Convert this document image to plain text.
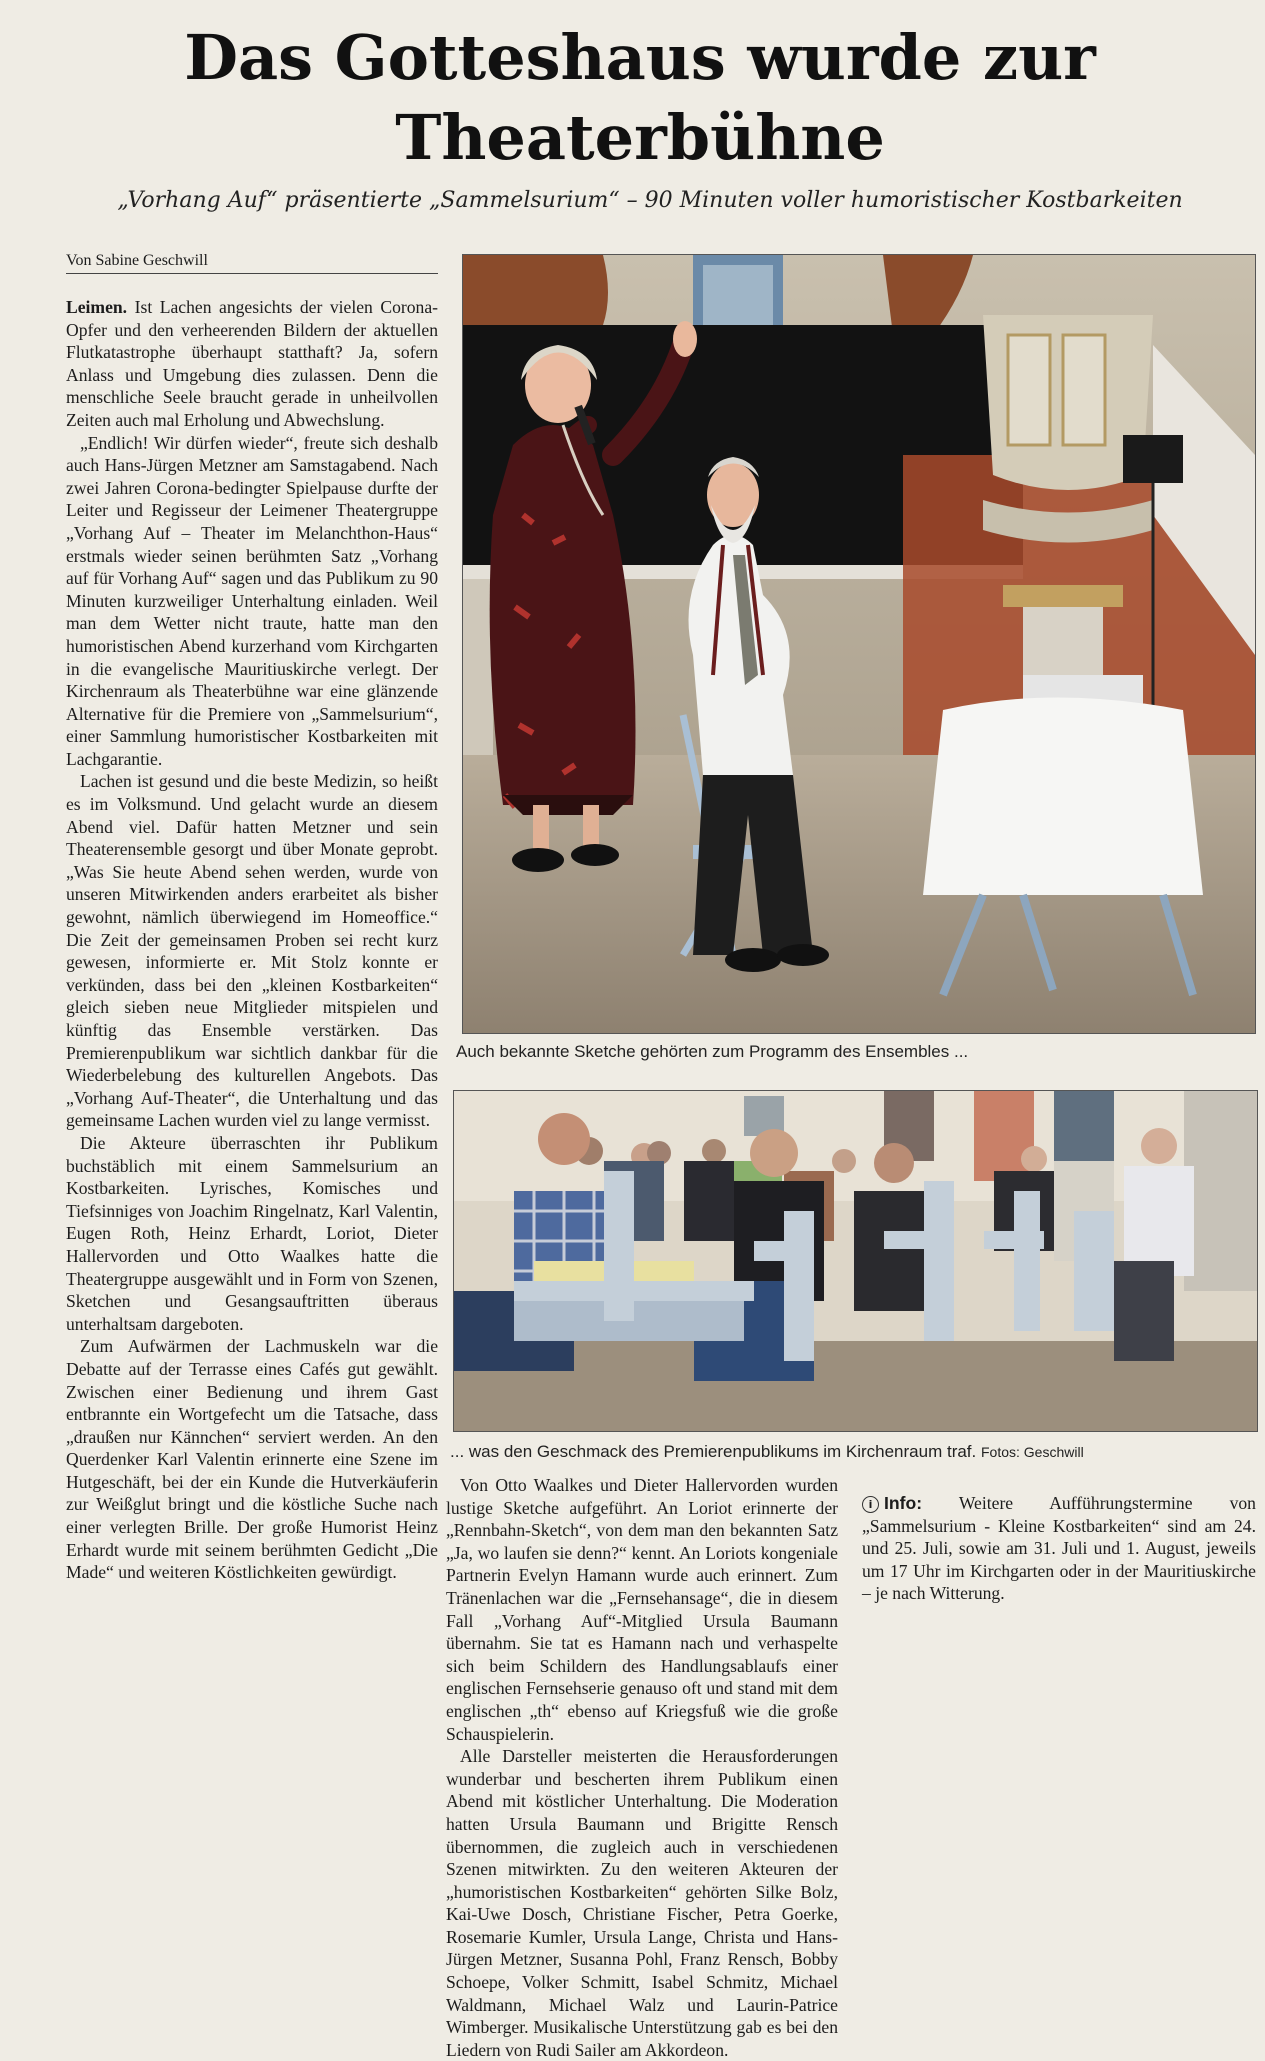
Das Gotteshaus wurde zur
Theaterbühne

„Vorhang Auf“ präsentierte „Sammelsurium“ – 90 Minuten voller humoristischer Kostbarkeiten

Von Sabine Geschwill

Leimen. Ist Lachen angesichts der vielen Corona-Opfer und den verheerenden Bildern der aktuellen Flutkatastrophe überhaupt statthaft? Ja, sofern Anlass und Umgebung dies zulassen. Denn die menschliche Seele braucht gerade in unheilvollen Zeiten auch mal Erholung und Abwechslung.

„Endlich! Wir dürfen wieder“, freute sich deshalb auch Hans-Jürgen Metzner am Samstagabend. Nach zwei Jahren Corona-bedingter Spielpause durfte der Leiter und Regisseur der Leimener Theatergruppe „Vorhang Auf – Theater im Melanchthon-Haus“ erstmals wieder seinen berühmten Satz „Vorhang auf für Vorhang Auf“ sagen und das Publikum zu 90 Minuten kurzweiliger Unterhaltung einladen. Weil man dem Wetter nicht traute, hatte man den humoristischen Abend kurzerhand vom Kirchgarten in die evangelische Mauritiuskirche verlegt. Der Kirchenraum als Theaterbühne war eine glänzende Alternative für die Premiere von „Sammelsurium“, einer Sammlung humoristischer Kostbarkeiten mit Lachgarantie.

Lachen ist gesund und die beste Medizin, so heißt es im Volksmund. Und gelacht wurde an diesem Abend viel. Dafür hatten Metzner und sein Theaterensemble gesorgt und über Monate geprobt. „Was Sie heute Abend sehen werden, wurde von unseren Mitwirkenden anders erarbeitet als bisher gewohnt, nämlich überwiegend im Homeoffice.“ Die Zeit der gemeinsamen Proben sei recht kurz gewesen, informierte er. Mit Stolz konnte er verkünden, dass bei den „kleinen Kostbarkeiten“ gleich sieben neue Mitglieder mitspielen und künftig das Ensemble verstärken. Das Premierenpublikum war sichtlich dankbar für die Wiederbelebung des kulturellen Angebots. Das „Vorhang Auf-Theater“, die Unterhaltung und das gemeinsame Lachen wurden viel zu lange vermisst.

Die Akteure überraschten ihr Publikum buchstäblich mit einem Sammelsurium an Kostbarkeiten. Lyrisches, Komisches und Tiefsinniges von Joachim Ringelnatz, Karl Valentin, Eugen Roth, Heinz Erhardt, Loriot, Dieter Hallervorden und Otto Waalkes hatte die Theatergruppe ausgewählt und in Form von Szenen, Sketchen und Gesangsauftritten überaus unterhaltsam dargeboten.

Zum Aufwärmen der Lachmuskeln war die Debatte auf der Terrasse eines Cafés gut gewählt. Zwischen einer Bedienung und ihrem Gast entbrannte ein Wortgefecht um die Tatsache, dass „draußen nur Kännchen“ serviert werden. An den Querdenker Karl Valentin erinnerte eine Szene im Hutgeschäft, bei der ein Kunde die Hutverkäuferin zur Weißglut bringt und die köstliche Suche nach einer verlegten Brille. Der große Humorist Heinz Erhardt wurde mit seinem berühmten Gedicht „Die Made“ und weiteren Köstlichkeiten gewürdigt.

Von Otto Waalkes und Dieter Hallervorden wurden lustige Sketche aufgeführt. An Loriot erinnerte der „Rennbahn-Sketch“, von dem man den bekannten Satz „Ja, wo laufen sie denn?“ kennt. An Loriots kongeniale Partnerin Evelyn Hamann wurde auch erinnert. Zum Tränenlachen war die „Fernsehansage“, die in diesem Fall „Vorhang Auf“-Mitglied Ursula Baumann übernahm. Sie tat es Hamann nach und verhaspelte sich beim Schildern des Handlungsablaufs einer englischen Fernsehserie genauso oft und stand mit dem englischen „th“ ebenso auf Kriegsfuß wie die große Schauspielerin.

Alle Darsteller meisterten die Herausforderungen wunderbar und bescherten ihrem Publikum einen Abend mit köstlicher Unterhaltung. Die Moderation hatten Ursula Baumann und Brigitte Rensch übernommen, die zugleich auch in verschiedenen Szenen mitwirkten. Zu den weiteren Akteuren der „humoristischen Kostbarkeiten“ gehörten Silke Bolz, Kai-Uwe Dosch, Christiane Fischer, Petra Goerke, Rosemarie Kumler, Ursula Lange, Christa und Hans-Jürgen Metzner, Susanna Pohl, Franz Rensch, Bobby Schoepe, Volker Schmitt, Isabel Schmitz, Michael Waldmann, Michael Walz und Laurin-Patrice Wimberger. Musikalische Unterstützung gab es bei den Liedern von Rudi Sailer am Akkordeon.

i Info: Weitere Aufführungstermine von „Sammelsurium - Kleine Kostbarkeiten“ sind am 24. und 25. Juli, sowie am 31. Juli und 1. August, jeweils um 17 Uhr im Kirchgarten oder in der Mauritiuskirche – je nach Witterung.

Auch bekannte Sketche gehörten zum Programm des Ensembles ...
... was den Geschmack des Premierenpublikums im Kirchenraum traf. Fotos: Geschwill
